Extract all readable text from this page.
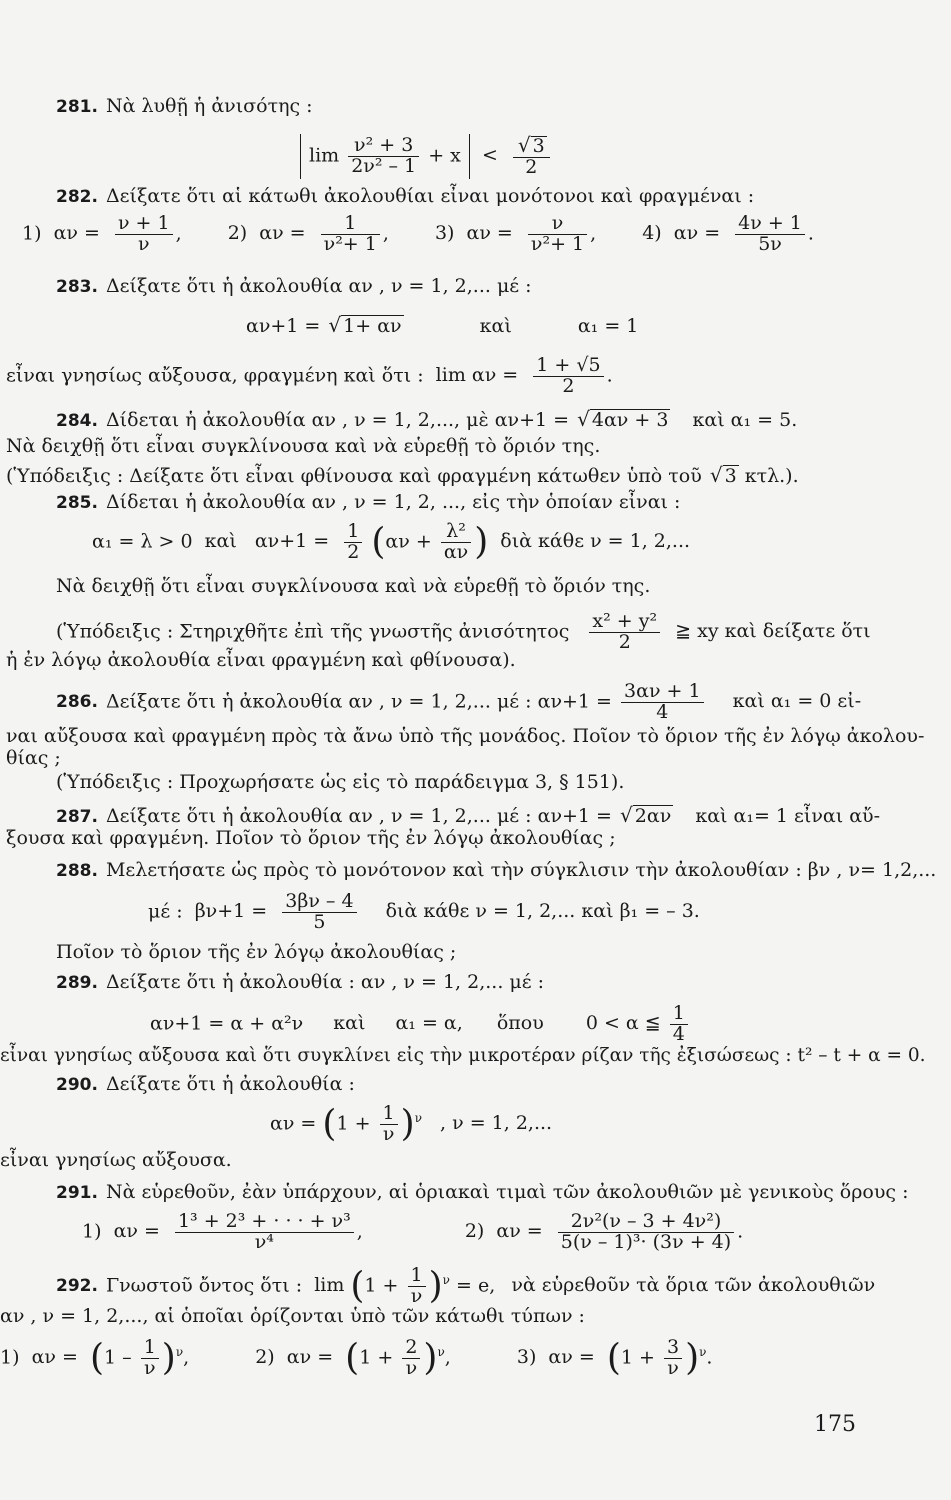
281. Νὰ λυθῇ ἡ ἀνισότης :
$\lim \frac{\text{ν² + 3}}{\text{2ν² – 1}} + x < \frac{√ 3}{2}$
282. Δείξατε ὅτι αἱ κάτωθι ἀκολουθίαι εἶναι μονότονοι καὶ φραγμέναι :
1) $\alpha\nu = \frac{\nu + 1}{\nu}$ , 2) $\alpha\nu = \frac{1}{\text{ν²+ 1}}$ , 3) $\alpha\nu = \frac{\nu}{\text{ν²+ 1}}$ , 4) $\alpha\nu = \frac{4\nu + 1}{5\nu}$ .
283. Δείξατε ὅτι ἡ ἀκολουθία αν , ν = 1, 2,... μέ :
αν+1 = √ 1+ αν	καὶ	α₁ = 1
εἶναι γνησίως αὔξουσα, φραγμένη καὶ ὅτι : $\lim \alpha\nu = \frac{1 + √5}{2}$ .
284. Δίδεται ἡ ἀκολουθία αν , ν = 1, 2,..., μὲ αν+1 = √ 4αν + 3 καὶ α₁ = 5.
Νὰ δειχθῇ ὅτι εἶναι συγκλίνουσα καὶ νὰ εὑρεθῇ τὸ ὅριόν της.
(Ὑπόδειξις : Δείξατε ὅτι εἶναι φθίνουσα καὶ φραγμένη κάτωθεν ὑπὸ τοῦ √ 3 κτλ.).
285. Δίδεται ἡ ἀκολουθία αν , ν = 1, 2, ..., εἰς τὴν ὁποίαν εἶναι :
α₁ = λ > 0 καὶ $\alpha\nu+1 = \frac{1}{2} (\alpha\nu + \frac{\text{λ²}}{\alpha\nu}$ ) διὰ κάθε ν = 1, 2,...
Νὰ δειχθῇ ὅτι εἶναι συγκλίνουσα καὶ νὰ εὑρεθῇ τὸ ὅριόν της.
(Ὑπόδειξις : Στηριχθῆτε ἐπὶ τῆς γνωστῆς ἀνισότητος $\frac{\text{x² + y²}}{2}$ ≧ xy καὶ δείξατε ὅτι
ἡ ἐν λόγῳ ἀκολουθία εἶναι φραγμένη καὶ φθίνουσα).
286. Δείξατε ὅτι ἡ ἀκολουθία αν , ν = 1, 2,... μέ : $\alpha\nu+1 = \frac{3\alpha\nu + 1}{4}$ καὶ α₁ = 0 εἰ-
ναι αὔξουσα καὶ φραγμένη πρὸς τὰ ἄνω ὑπὸ τῆς μονάδος. Ποῖον τὸ ὅριον τῆς ἐν λόγῳ ἀκολου-
θίας ;
(Ὑπόδειξις : Προχωρήσατε ὡς εἰς τὸ παράδειγμα 3, § 151).
287. Δείξατε ὅτι ἡ ἀκολουθία αν , ν = 1, 2,... μέ : αν+1 = √ 2αν καὶ α₁= 1 εἶναι αὔ-
ξουσα καὶ φραγμένη. Ποῖον τὸ ὅριον τῆς ἐν λόγῳ ἀκολουθίας ;
288. Μελετήσατε ὡς πρὸς τὸ μονότονον καὶ τὴν σύγκλισιν τὴν ἀκολουθίαν : βν , ν= 1,2,...
μέ : $\beta\nu+1 = \frac{3\beta\nu - 4}{5}$ διὰ κάθε ν = 1, 2,... καὶ β₁ = – 3.
Ποῖον τὸ ὅριον τῆς ἐν λόγῳ ἀκολουθίας ;
289. Δείξατε ὅτι ἡ ἀκολουθία : αν , ν = 1, 2,... μέ :
αν+1 = α + α²ν καὶ α₁ = α, ὅπου 0 < α ≦ $\frac{1}{4}$
εἶναι γνησίως αὔξουσα καὶ ὅτι συγκλίνει εἰς τὴν μικροτέραν ρίζαν τῆς ἐξισώσεως : t² – t + α = 0.
290. Δείξατε ὅτι ἡ ἀκολουθία :
$\alpha\nu = (1 + \frac{1}{\nu} )^\nu$ , ν = 1, 2,...
εἶναι γνησίως αὔξουσα.
291. Νὰ εὑρεθοῦν, ἐὰν ὑπάρχουν, αἱ ὁριακαὶ τιμαὶ τῶν ἀκολουθιῶν μὲ γενικοὺς ὅρους :
1) $\alpha\nu = \frac{\text{1³ + 2³ + · · · + ν³}}{\text{ν⁴}}$ ,	2) $\alpha\nu = \frac{\text{2ν²(ν – 3 + 4ν²)}}{\text{5(ν – 1)³· (3ν + 4)}}$ .
292. Γνωστοῦ ὄντος ὅτι : $\lim (1 + \frac{1}{\nu} )^\nu = e$, νὰ εὑρεθοῦν τὰ ὅρια τῶν ἀκολουθιῶν
αν , ν = 1, 2,..., αἱ ὁποῖαι ὁρίζονται ὑπὸ τῶν κάτωθι τύπων :
1) $\alpha\nu = (1 - \frac{1}{\nu} )^\nu$,	2) $\alpha\nu = (1 + \frac{2}{\nu} )^\nu$,	3) $\alpha\nu = (1 + \frac{3}{\nu} )^\nu$.
175
